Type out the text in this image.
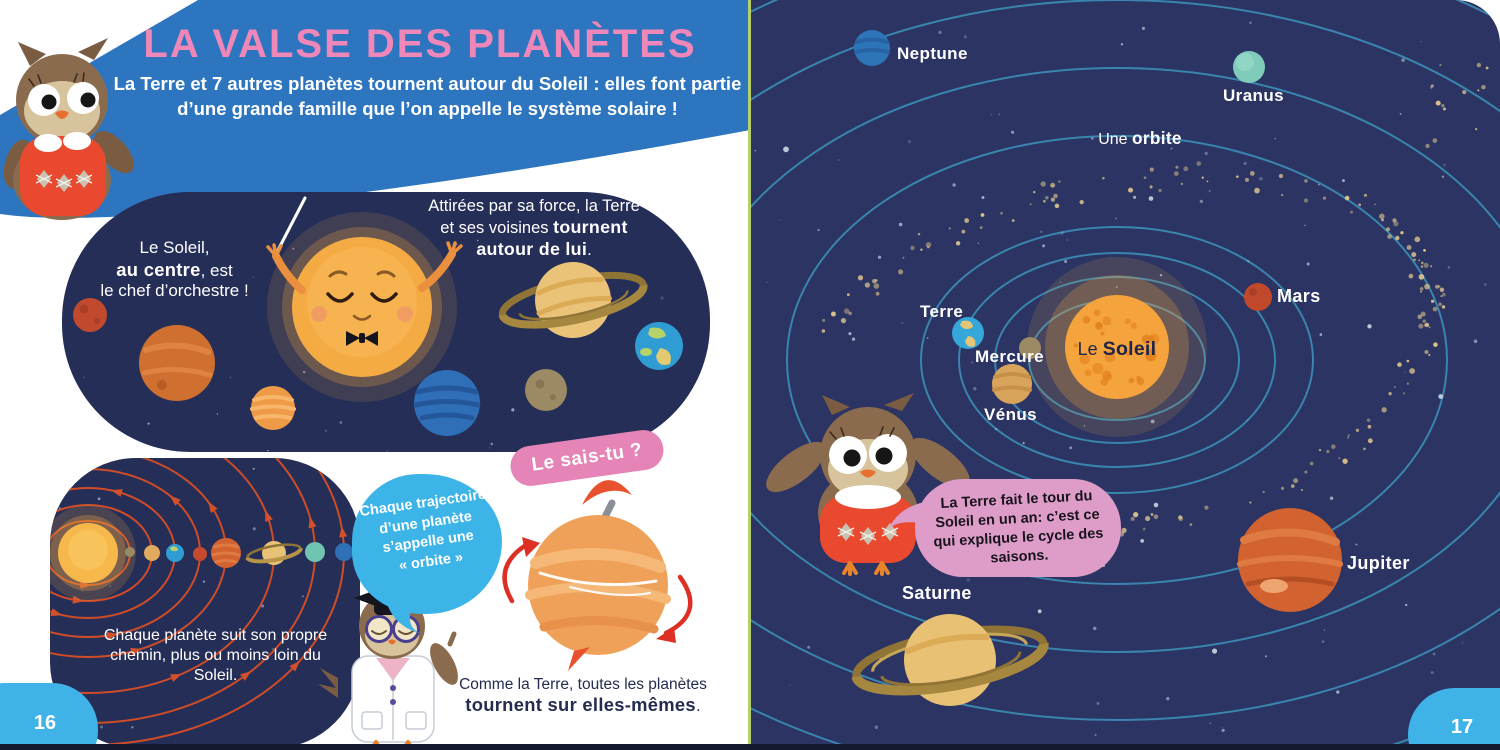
LA VALSE DES PLANÈTES
La Terre et 7 autres planètes tournent autour du Soleil : elles font partie d’une grande famille que l’on appelle le système solaire !
Le Soleil,
au centre, est
le chef d’orchestre !
Attirées par sa force, la Terre
et ses voisines tournent
autour de lui.
Chaque planète suit son propre chemin, plus ou moins loin du Soleil.
Chaque trajectoire d’une planète s’appelle une « orbite »
Le sais-tu ?
Comme la Terre, toutes les planètes
tournent sur elles-mêmes.
Neptune
Uranus
Une orbite
Mars
Terre
Mercure
Vénus
Le Soleil
Saturne
Jupiter
La Terre fait le tour du Soleil en un an: c’est ce qui explique le cycle des saisons.
16	17
